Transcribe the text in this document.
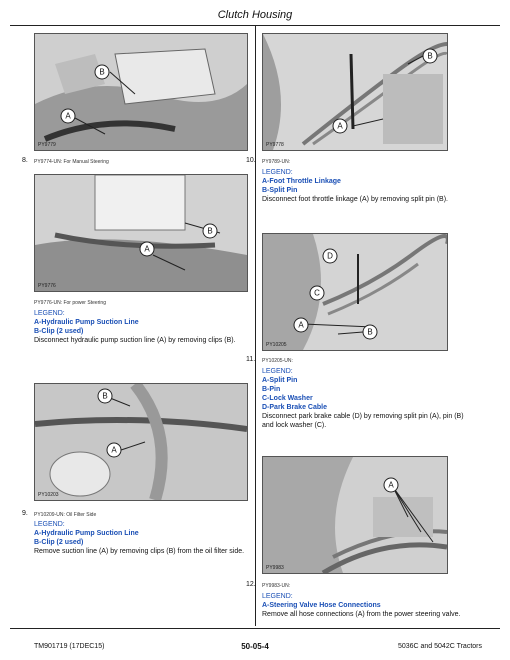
Clutch Housing
B
A
PY9779
B
A
PY9778
8. PY9774-UN: For Manual Steering
B
A
PY9776
PY9776-UN: For power Steering
LEGEND:
A-Hydraulic Pump Suction Line
B-Clip (2 used)
Disconnect hydraulic pump suction line (A) by removing clips (B).
D
C
A
B
PY10205
10. PY9789-UN:
LEGEND:
A-Foot Throttle Linkage
B-Split Pin
Disconnect foot throttle linkage (A) by removing split pin (B).
B
A
PY10203
9. PY10209-UN: Oil Filter Side
LEGEND:
A-Hydraulic Pump Suction Line
B-Clip (2 used)
Remove suction line (A) by removing clips (B) from the oil filter side.
11. PY10205-UN:
LEGEND:
A-Split Pin
B-Pin
C-Lock Washer
D-Park Brake Cable
Disconnect park brake cable (D) by removing split pin (A), pin (B) and lock washer (C).
A
PY9983
12. PY9983-UN:
LEGEND:
A-Steering Valve Hose Connections
Remove all hose connections (A) from the power steering valve.
TM901719 (17DEC15)	50-05-4	5036C and 5042C Tractors
